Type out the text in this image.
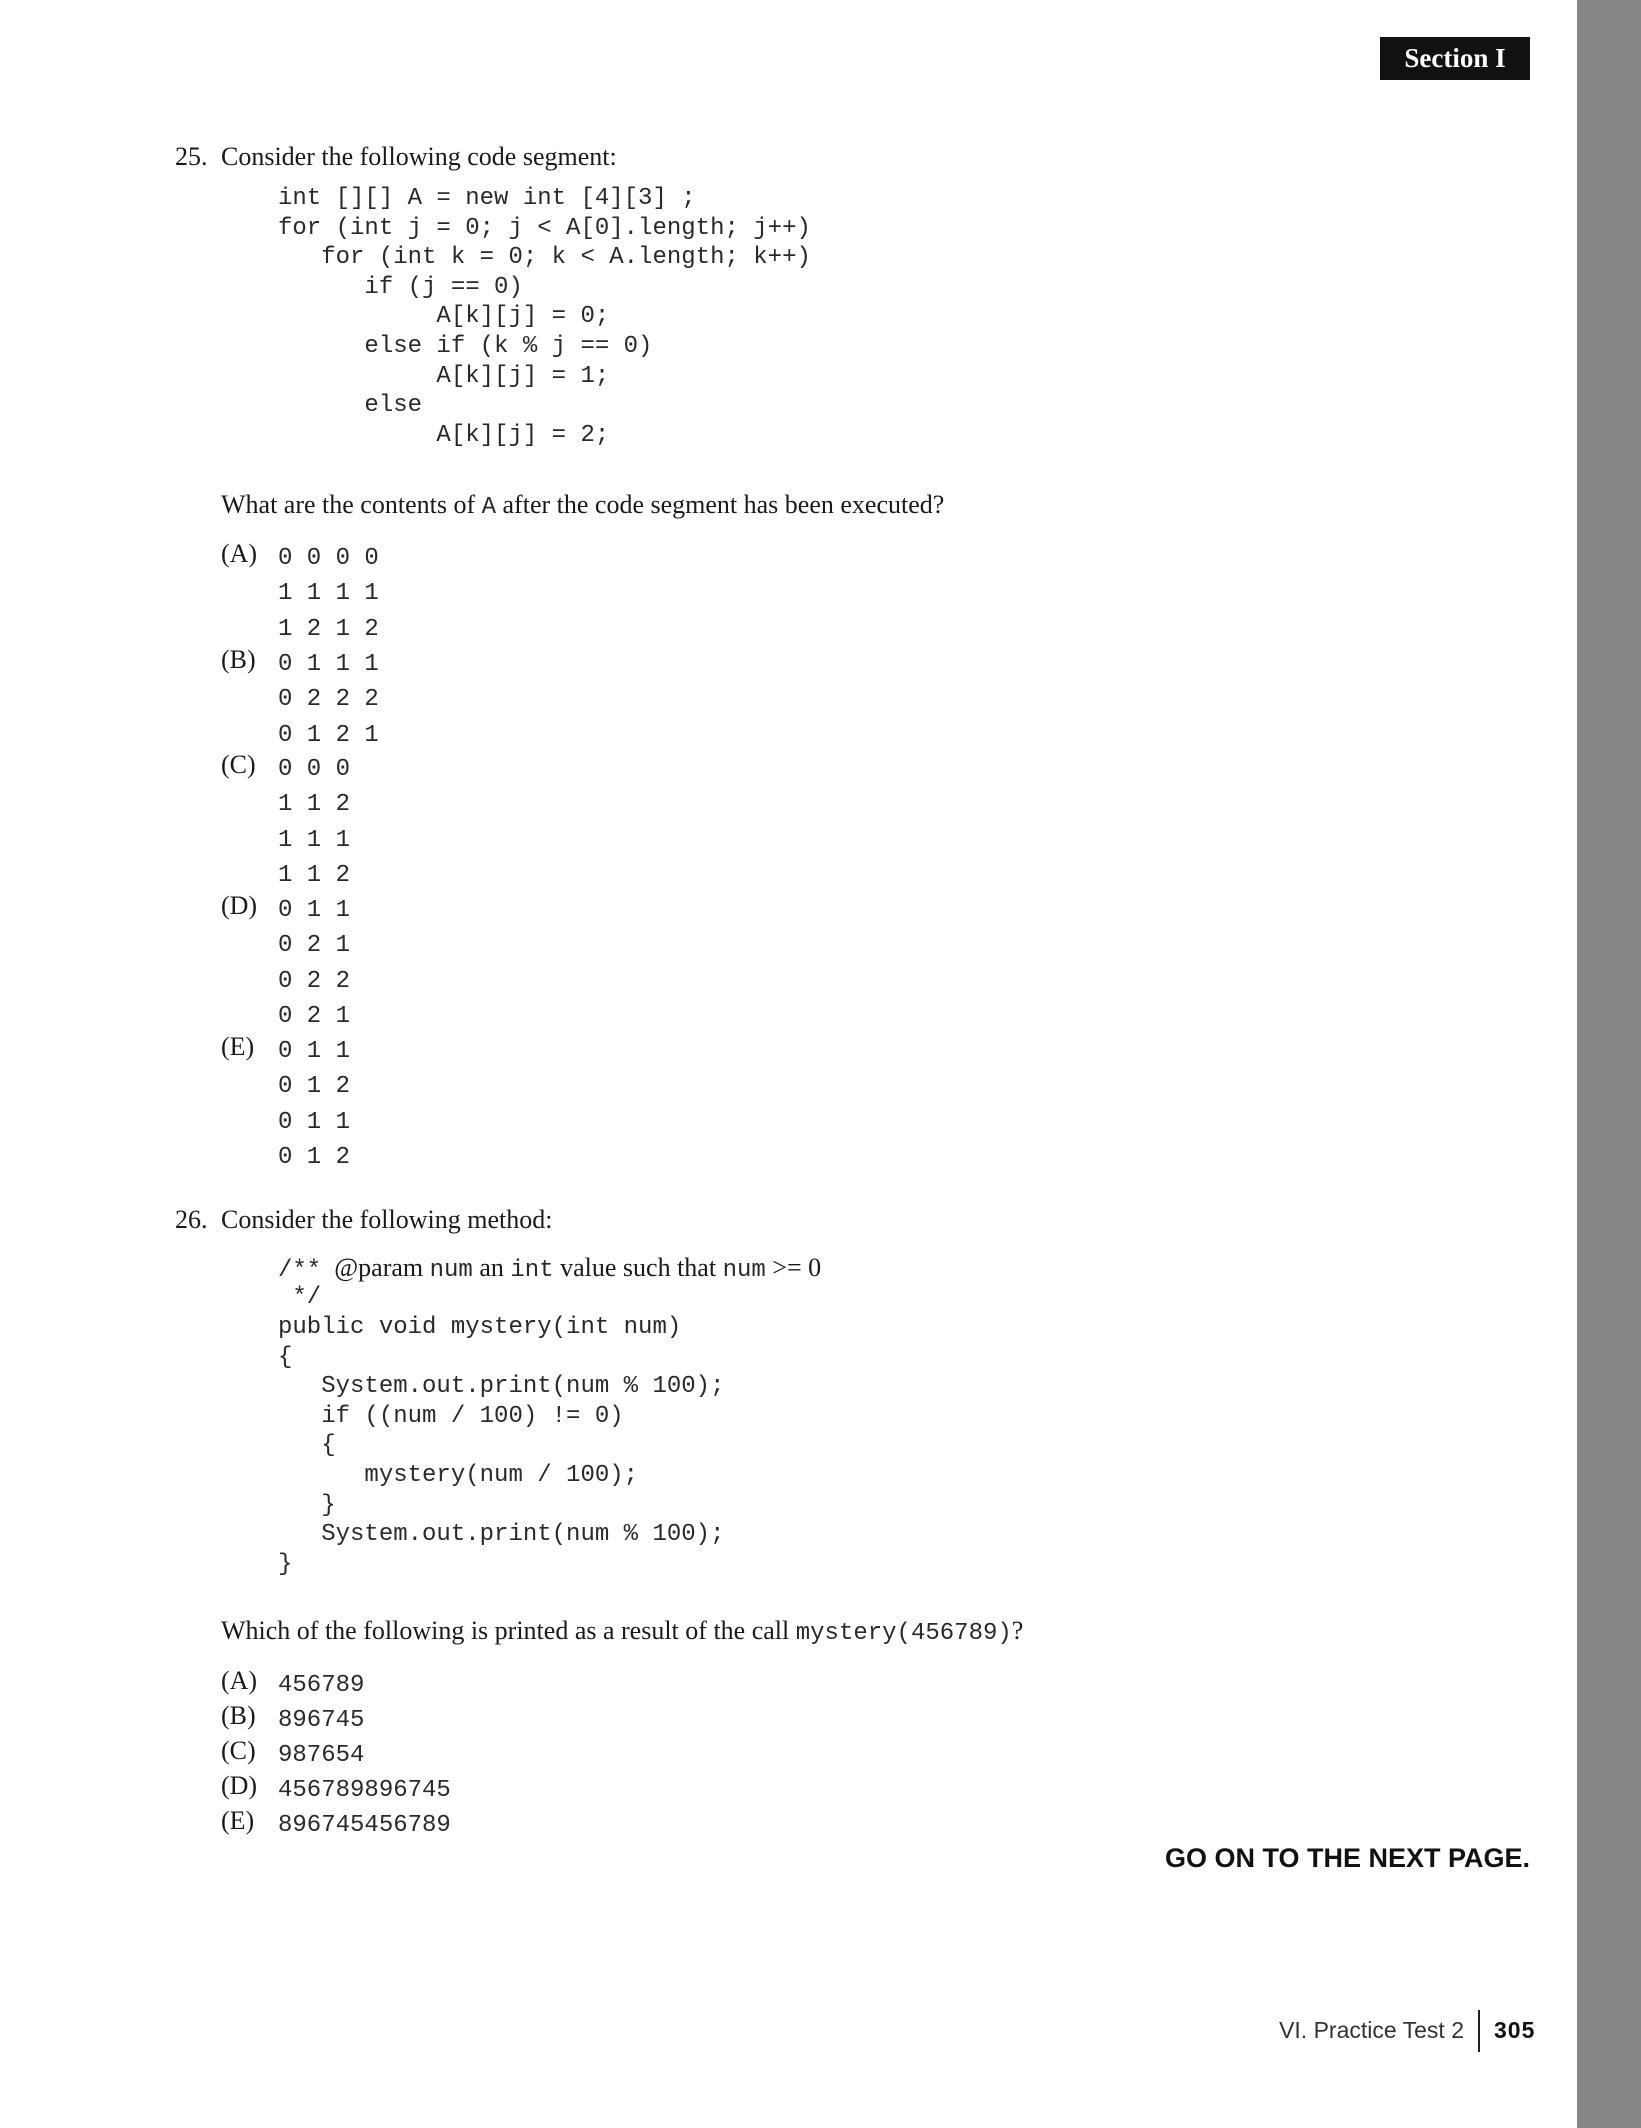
Section I
25. Consider the following code segment:
int [][] A = new int [4][3] ;
for (int j = 0; j < A[0].length; j++)
for (int k = 0; k < A.length; k++)
if (j == 0)
A[k][j] = 0;
else if (k % j == 0)
A[k][j] = 1;
else
A[k][j] = 2;
What are the contents of A after the code segment has been executed?
(A) 0 0 0 0
1 1 1 1
1 2 1 2
(B) 0 1 1 1
0 2 2 2
0 1 2 1
(C) 0 0 0
1 1 2
1 1 1
1 1 2
(D) 0 1 1
0 2 1
0 2 2
0 2 1
(E) 0 1 1
0 1 2
0 1 1
0 1 2
26. Consider the following method:
/** @param num an int value such that num >= 0
*/
public void mystery(int num)
{
System.out.print(num % 100);
if ((num / 100) != 0)
{
mystery(num / 100);
}
System.out.print(num % 100);
}
Which of the following is printed as a result of the call mystery(456789)?
(A) 456789
(B) 896745
(C) 987654
(D) 456789896745
(E) 896745456789
GO ON TO THE NEXT PAGE.
VI. Practice Test 2 305
